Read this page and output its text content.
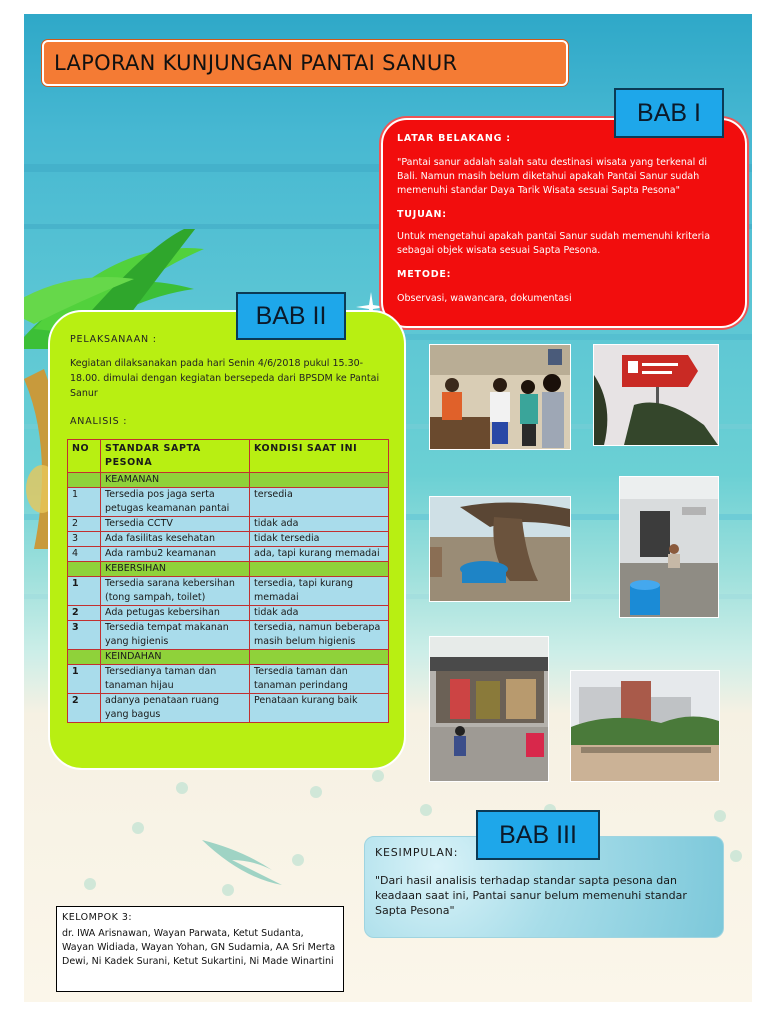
LAPORAN KUNJUNGAN PANTAI SANUR
LATAR BELAKANG :
"Pantai sanur adalah salah satu destinasi wisata yang terkenal di Bali. Namun masih belum diketahui apakah Pantai Sanur sudah memenuhi standar Daya Tarik Wisata sesuai Sapta Pesona"
TUJUAN:
Untuk mengetahui apakah pantai Sanur sudah memenuhi kriteria sebagai objek wisata sesuai Sapta Pesona.
METODE:
Observasi, wawancara, dokumentasi
BAB I
PELAKSANAAN :
Kegiatan dilaksanakan pada hari Senin 4/6/2018 pukul 15.30-18.00. dimulai dengan kegiatan bersepeda dari BPSDM ke Pantai Sanur
ANALISIS :
NO	STANDAR SAPTA PESONA	KONDISI SAAT INI
	KEAMANAN	
1	Tersedia pos jaga serta petugas keamanan pantai	tersedia
2	Tersedia CCTV	tidak ada
3	Ada fasilitas kesehatan	tidak tersedia
4	Ada rambu2 keamanan	ada, tapi kurang memadai
	KEBERSIHAN	
1	Tersedia sarana kebersihan (tong sampah, toilet)	tersedia, tapi kurang memadai
2	Ada petugas kebersihan	tidak ada
3	Tersedia tempat makanan yang higienis	tersedia, namun beberapa masih belum higienis
	KEINDAHAN	
1	Tersedianya taman dan tanaman hijau	Tersedia taman dan tanaman perindang
2	adanya penataan ruang yang bagus	Penataan kurang baik
BAB II
KESIMPULAN:
"Dari hasil analisis terhadap standar sapta pesona dan keadaan saat ini, Pantai sanur belum memenuhi standar Sapta Pesona"
BAB III
KELOMPOK 3:
dr. IWA Arisnawan, Wayan Parwata, Ketut Sudanta, Wayan Widiada, Wayan Yohan, GN Sudamia, AA Sri Merta Dewi, Ni Kadek Surani, Ketut Sukartini, Ni Made Winartini
